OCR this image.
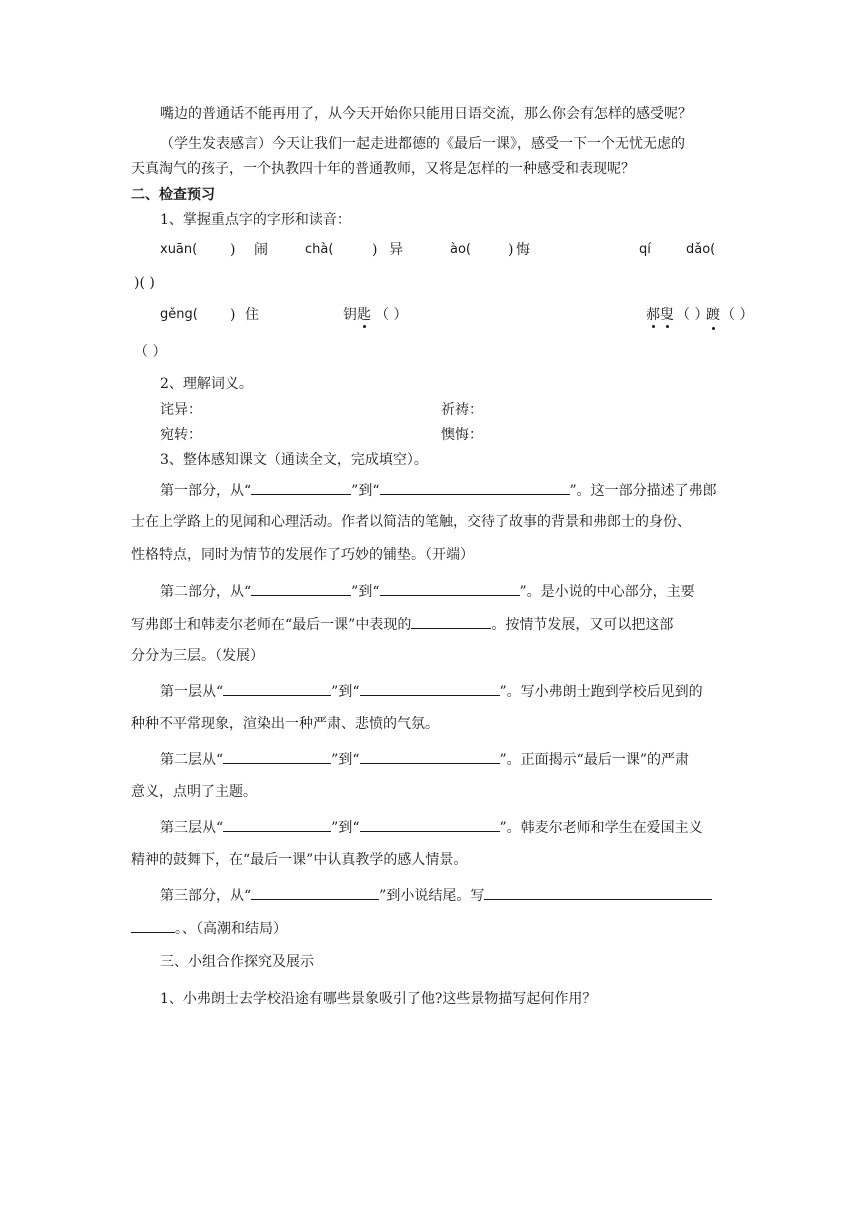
嘴边的普通话不能再用了，从今天开始你只能用日语交流，那么你会有怎样的感受呢？
（学生发表感言）今天让我们一起走进都德的《最后一课》，感受一下一个无忧无虑的
天真淘气的孩子，一个执教四十年的普通教师，又将是怎样的一种感受和表现呢？
二、检查预习
1、掌握重点字的字形和读音：
xuān( ) 闹	chà(	) 异	ào(	) 悔	qí	dǎo(
)( )
gěng( ) 住	钥匙 （ ）	踱 （ ）
郝叟 （ ）
（ ）
2、理解词义。
诧异：	祈祷：
宛转：	懊悔：
3、整体感知课文（通读全文，完成填空）。
第一部分，从“	”到“	”。这一部分描述了弗郎
士在上学路上的见闻和心理活动。作者以简洁的笔触，交待了故事的背景和弗郎士的身份、
性格特点，同时为情节的发展作了巧妙的铺垫。（开端）
第二部分，从“	”到“	”。是小说的中心部分，主要
写弗郎士和韩麦尔老师在“最后一课”中表现的	。按情节发展，又可以把这部
分分为三层。（发展）
第一层从“	”到“	”。写小弗朗士跑到学校后见到的
种种不平常现象，渲染出一种严肃、悲愤的气氛。
第二层从“	”到“	”。正面揭示“最后一课”的严肃
意义，点明了主题。
第三层从“	”到“	”。韩麦尔老师和学生在爱国主义
精神的鼓舞下，在“最后一课”中认真教学的感人情景。
第三部分，从“	”到小说结尾。写
。、（高潮和结局）
三、小组合作探究及展示
1、小弗朗士去学校沿途有哪些景象吸引了他?这些景物描写起何作用？
